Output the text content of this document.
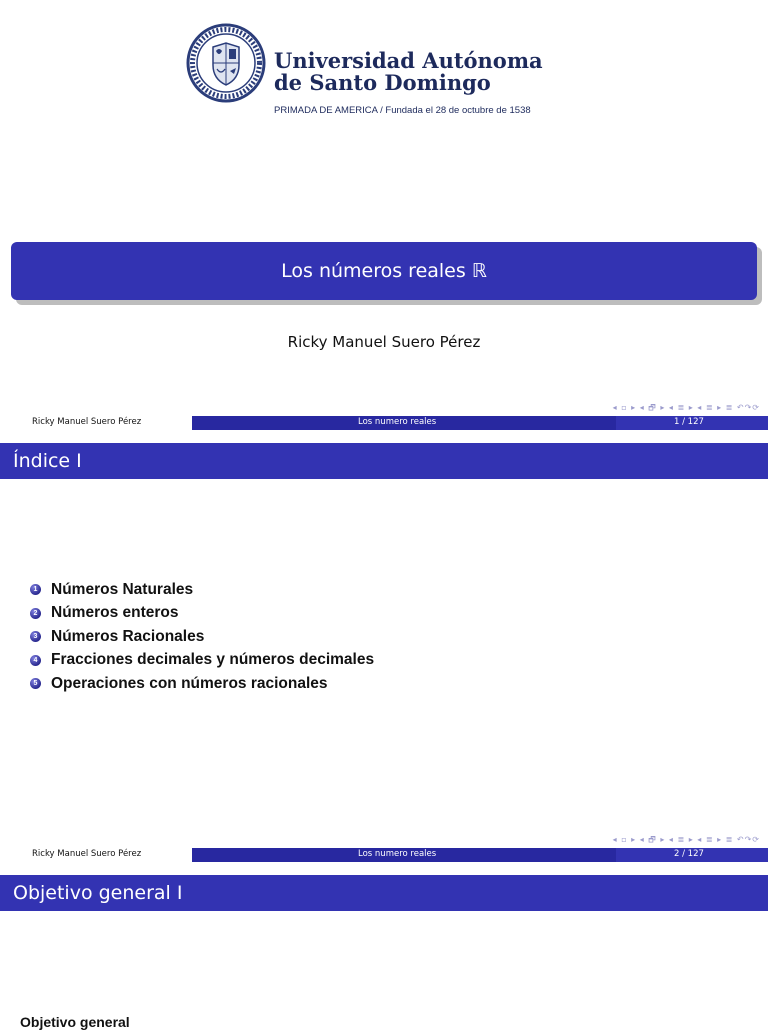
Universidad Autónoma
de Santo Domingo
PRIMADA DE AMERICA / Fundada el 28 de octubre de 1538
Los números reales ℝ
Ricky Manuel Suero Pérez
◂ ▫ ▸ ◂ 🗗 ▸ ◂ ≣ ▸ ◂ ≣ ▸ ≣ ↶↷⟳
Ricky Manuel Suero Pérez	Los numero reales	1 / 127
Índice I
1 Números Naturales
2 Números enteros
3 Números Racionales
4 Fracciones decimales y números decimales
5 Operaciones con números racionales
◂ ▫ ▸ ◂ 🗗 ▸ ◂ ≣ ▸ ◂ ≣ ▸ ≣ ↶↷⟳
Ricky Manuel Suero Pérez	Los numero reales	2 / 127
Objetivo general I
Objetivo general
